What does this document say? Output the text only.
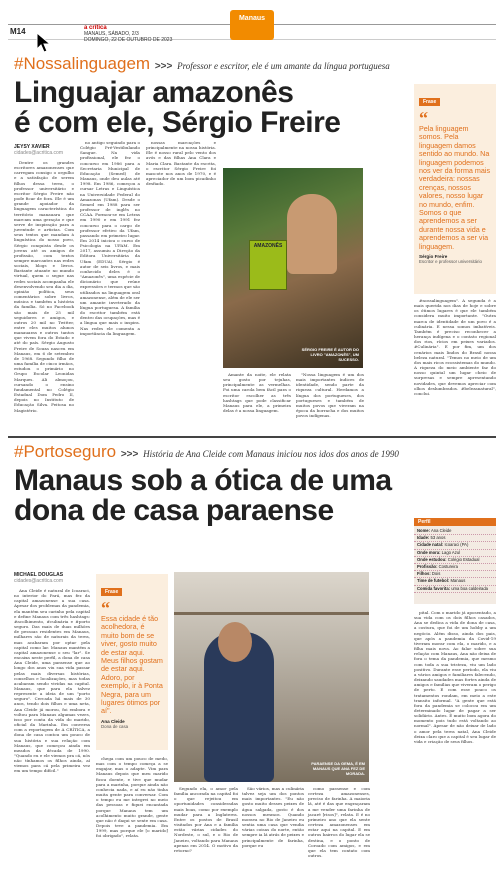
M14	a crítica
MANAUS, SÁBADO, 2/3
DOMINGO, 22 DE OUTUBRO DE 2023
Manaus
#Nossalinguagem >>> Professor e escritor, ele é um amante da língua portuguesa
Linguajar amazonês
é com ele, Sérgio Freire
JEYSY XAVIER
cidades@acritica.com

Dentre os grandes escritores amazonenses que carregam consigo o orgulho e a satisfação de serem filhos dessa terra, o professor universitário e escritor Sérgio Freire não pode ficar de fora. Ele é um grande apoiador da linguagem característica do território manauara que marcam uma geração e que serve de inspiração para a juventude e artistas. Com seus textos que mandam à linguística do nosso povo, Sérgio conquista desde os jovens até os amigos de profissão, com textos sempre marcantes nas redes sociais, blogs e livros. Bastante atuante no mundo virtual, quem o segue nas redes sociais acompanha ele desenvolvendo seu dia a dia, opinião política, seus comentários sobre livros, música e também a história da família. Só no Facebook são mais de 25 mil seguidores e amigos, e outros 20 mil no Twitter, entre eles muitos alunos manauaras e outros tantos que vivem fora do Estado e até do país. Sérgio Augusto Freire de Souza nasceu em Manaus, em 6 de setembro de 1968. Segundo filho de uma família de cinco irmãos, estudou o primário no Grupo Escolar Leonidas Marques. Ali almoçou, cursando o ensino fundamental no Colégio Estadual Dom Pedro II, depois no Instituto de Educação Silva. Feitosa no Magistério.

no antigo seguindo para o Colégio Pré-Vestibulando Sangue. Na vida profissional, ele fez o concurso em 1986 para a Secretaria Municipal de Educação (Semed) de Manaus, onde deu aulas até 1998. Em 1986, começou a cursar Letras e Linguística na Universidade Federal do Amazonas (Ufam). Desde o Semed em 1988 para ser professor de inglês no CCAA. Formou-se em Letras em 1990 e em 1991 fez concurso para o cargo de professor efetivo da Ufam, passando em primeiro lugar. Em 2014 iniciou o curso de Psicologia na UFAM. Em 2017, assumiu a Direção da Editora Universitária da Ufam (EDUA). Sérgio é autor de seis livros, e mais conhecido deles é o "Amazonês", uma espécie de dicionário que reúne expressões e termos que são utilizados na linguagem oral amazonense, além de ele ser um amante inveterado da língua portuguesa. A família do escritor também está dentro das ocupações, mas é a língua que mais o inspira. Nas redes ele comenta a importância da linguagem.

nossas marcações e principalmente na nossa história. Ele é nosso rural pelo vento dos avós e das filhas Ana Clara e Maria Clara. Bastante da escrita, o escritor Sérgio Freire foi mascote nos anos de 1970, e é apreciador de um bom picadinho desfiado.

AMAZONÊS
SÉRGIO FREIRE É AUTOR DO LIVRO "AMAZONÊS", UM SUCESSO.

Amante da noite, ele relata seu gosto por tejuhas, principalmente as vermelhas. Foi uma carola bem fácil para o escritor escolher as três hashtags que pode classificar Manaus para ele, a primeira delas é a nossa linguagem.

"Nossa linguagem é um dos mais importantes índices de identidade, sendo parte da riqueza cultural. Herdamos a língua dos portugueses, dos portugueses e também de muitos povos que viveram na época da borracha e dos muitos povos indígenas.

Frase
“
Pela linguagem somos. Pela linguagem damos sentido ao mundo. Na linguagem podemos nos ver da forma mais verdadeira: nossas crenças, nossos valores, nosso lugar no mundo, enfim. Somos o que aprendemos a ser durante nossa vida e aprendemos a ser via linguagem.
Sérgio Freire
Escritor e professor universitário

#nossalinguagem". A segunda é a mais querida nos dias de hoje e sobre os ótimos lugares é que ele também considera muito importante. "Outra marca de identidade de um povo é a culinária. E nessa somos imbatíveis. Também é preciso reconhecer a herança indígena e o contato regional dos rios, rícios em peixes variados. #Culinária". E por fim, um dos cenários mais lindos do Brasil nossa beleza natural. "Temos no meio de um dos mais ricos ecossistemas do mundo. A riqueza do meio ambiente faz do nosso quintal um lugar cheio de surpresas e sempre apresentando novidades, que devemos apreciar com olhos deslumbrados. #belezanatural", conclui.

#Portoseguro >>> História de Ana Cleide com Manaus iniciou nos idos dos anos de 1990
Manaus sob a ótica de uma
dona de casa paraense	Perfil
Nome: Ana Cleide
Idade: 53 anos
Cidade natal: Icoaraci (PA)
Onde mora: Lago Azul
Onde estudou: Colégio Estadual
Profissão: Costureira
Filhos: Dois
Time de futebol: Manaus
Comida favorita: uma boa caldeirada
MICHAEL DOUGLAS
cidades@acritica.com

Ana Cleide é natural de Icoaraci, no interior do Pará, mas fez da capital amazonense a sua casa. Apesar dos problemas da pandemia, ela mantém seu carinho pela capital e define Manaus com três hashtags: #acolhimento, #culinária e #porto seguro. Das mais de duas milhões de pessoas residentes em Manaus, milhares são de naturais da terra, mas acabaram por optar pela capital como lar. Manaus mantém a capital amazonense o seu "lar". Se encaixa neste perfil, a dona de casa Ana Cleide, uma paraense que ao longo dos anos viu sua vida passar pelas mais diversas histórias, conselhos e localizações, mas todas acabaram sendo vividas na capital. Manaus, que para ela talvez represente a ideia de um "porto seguro". Cercada há mais de 30 anos, tendo dois filhos e uma neta, Ana Cleide já morou, foi embora e voltou para Manaus algumas vezes, isso por conta da vida do marido, oficial da Marinha. Em conversa com a reportagem de A CRÍTICA, a dona de casa contou um pouco de sua história e sua relação com Manaus, que começou ainda em meados da década de 1990. "Quando eu e ele viemos pra cá, nós não tínhamos os filhos ainda, aí viemos para cá pela primeira vez em um tempo difícil."

Frase
“
Essa cidade é tão acolhedora, é muito bom de se viver, gosto muito de estar aqui. Meus filhos gostam de estar aqui. Adoro, por exemplo, ir à Ponta Negra, para um lugares ótimos por aí".
Ana Cleide
Dona de casa

chega com um pouco de medo, mas com o tempo começa a se engajar, mas o adapte. Vim para Manaus depois que meu marido ficou doente, e tive que mudar para a marinha, porque ainda não conhecia nada, e aí eu não tinha muita gente para conversar. Com o tempo eu me integrei no meio das pessoas e fiquei encantada porque Manaus tem um acolhimento muito grande, gente que não é daqui se sente em casa. Depois teve a pandemia. Em 1999, mas porque ele [o marido] foi obrigado", relata.

PARAENSE DA GEMA, É EM MANAUS QUE ANA FEZ DE MORADA.

Segundo ela, o amor pela família ancorada na capital foi o que rejeitou em oportunidades consideradas mais boas, como por exemplo mudar para a Inglaterra. Entre os postos de Brasil visitados por Ana e a família estão várias cidades do Nordeste, o sul, e o Rio de Janeiro, voltando para Manaus apenas em 2014. O motivo da retorno?

São vários, mas a culinária talvez seja um dos pontos mais importantes. "Eu não gosto muito desses peixes de água salgada, gosto é dos nossos mesmos. Quando morava no Rio de Janeiro eu sentia uma casa que vendia várias coisas do norte, então sempre ia lá atrás de peixes e principalmente de farinha, porque eu

como paraense e com certeza amazonenses, preciso de farinha. A maioria lá, até é das que engraçaram a me vender uma farinha de jacaré [risos]", relata. E é no primeiro ano que ela sente certeza amazonenses em estar aqui na capital. E em outros bairros do lugar ela se destina, e o ponto de Coroado com amigos, e em que ela tem contato com outros.

pital. Com o marido já aposentado, a sua vida com os dois filhos casados, Ana se dedica a vida de dona de casa, a costura, que foi de um hobby a um negócio. Além disso, ainda dos pais, que após a pandemia da Covid-19 tiveram morar com ela, o marido, e a filha mais nova. Ao falar sobre sua relação com Manaus, Ana não deixa de fora o tema da pandemia, que mesmo com toda a sua tristeza, viu um lado positivo. Durante esse período, ela viu a vários amigos e familiares falecendo, deixando saudades mas fortes ainda de amigos e famílias que viveram o perigo de perto. E com esse pouco os tratamentos rondam, em meio a este transito informal. "A gente que está fora da pandemia se colocou em um determinado lugar de pagar a ser solidário. Antes. É muito bom agora do momento pois tudo está voltando ao normal". Apesar de não deixar de lado o amor pela terra natal, Ana Cleide deixa claro que a capital é seu lugar de vida e criação de seus filhos.
